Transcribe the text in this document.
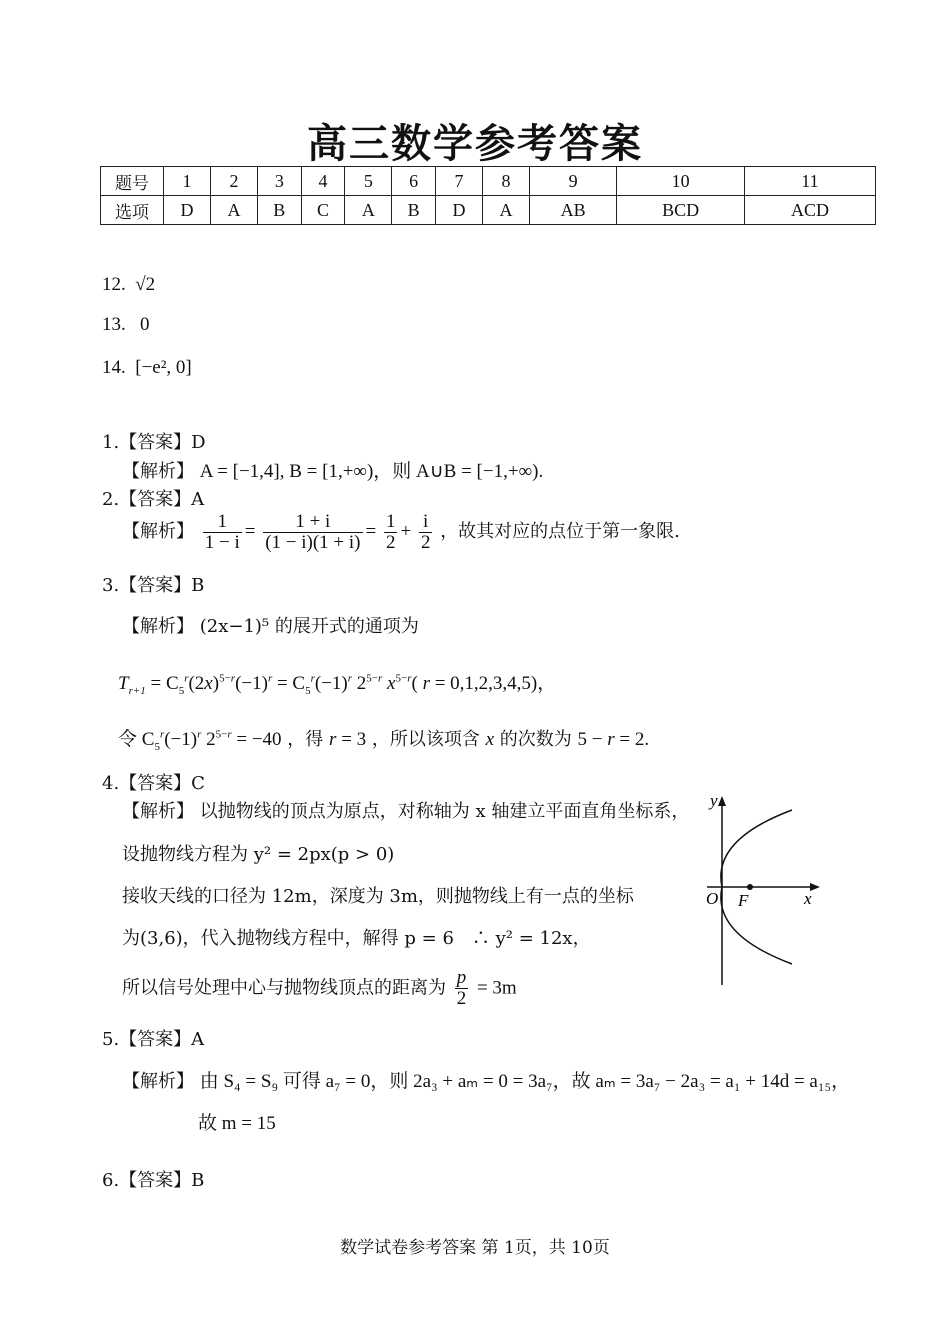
高三数学参考答案
题号	1	2	3	4	5	6	7	8	9	10	11
选项	D	A	B	C	A	B	D	A	AB	BCD	ACD
12. √2
13. 0
14. [−e², 0]
1.【答案】D
【解析】 A = [−1,4], B = [1,+∞)，则 A∪B = [−1,+∞).
2.【答案】A
【解析】 $\frac{1}{1 - i} = \frac{1 + i}{(1 - i)(1 + i)} = \frac{1}{2} + \frac{i}{2}$ ，故其对应的点位于第一象限.
3.【答案】B
【解析】 (2x−1)⁵ 的展开式的通项为
$T_{r+1} = C_5^r(2x)^{5-r}(-1)^r = C_5^r(-1)^r$ $2^{5-r}$ $x^{5-r}$( r = 0,1,2,3,4,5)，
令 $C_5^r(-1)^r$ $2^{5-r} = -40$ ，得 r = 3 ，所以该项含 x 的次数为 5 − r = 2.
4.【答案】C
【解析】 以抛物线的顶点为原点，对称轴为 x 轴建立平面直角坐标系，
设抛物线方程为 y² = 2px(p > 0)
接收天线的口径为 12m，深度为 3m，则抛物线上有一点的坐标
为(3,6)，代入抛物线方程中，解得 p = 6　∴ y² = 12x，
所以信号处理中心与抛物线顶点的距离为 $\frac{p}{2} = 3m$
y
x
O F
5.【答案】A
【解析】 由 S₄ = S₉ 可得 a₇ = 0，则 2a₃ + aₘ = 0 = 3a₇，故 aₘ = 3a₇ − 2a₃ = a₁ + 14d = a₁₅，
故 m = 15
6.【答案】B
数学试卷参考答案 第 1页，共 10页
